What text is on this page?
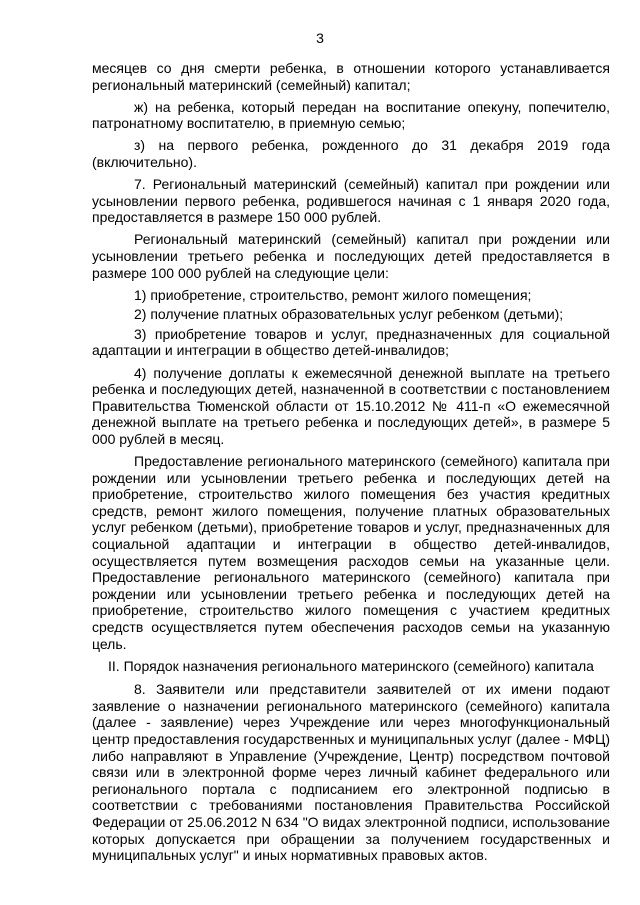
3

месяцев со дня смерти ребенка, в отношении которого устанавливается региональный материнский (семейный) капитал;

ж) на ребенка, который передан на воспитание опекуну, попечителю, патронатному воспитателю, в приемную семью;

з) на первого ребенка, рожденного до 31 декабря 2019 года (включительно).

7. Региональный материнский (семейный) капитал при рождении или усыновлении первого ребенка, родившегося начиная с 1 января 2020 года, предоставляется в размере 150 000 рублей.

Региональный материнский (семейный) капитал при рождении или усыновлении третьего ребенка и последующих детей предоставляется в размере 100 000 рублей на следующие цели:

1) приобретение, строительство, ремонт жилого помещения;

2) получение платных образовательных услуг ребенком (детьми);

3) приобретение товаров и услуг, предназначенных для социальной адаптации и интеграции в общество детей-инвалидов;

4) получение доплаты к ежемесячной денежной выплате на третьего ребенка и последующих детей, назначенной в соответствии с постановлением Правительства Тюменской области от 15.10.2012 № 411-п «О ежемесячной денежной выплате на третьего ребенка и последующих детей», в размере 5 000 рублей в месяц.

Предоставление регионального материнского (семейного) капитала при рождении или усыновлении третьего ребенка и последующих детей на приобретение, строительство жилого помещения без участия кредитных средств, ремонт жилого помещения, получение платных образовательных услуг ребенком (детьми), приобретение товаров и услуг, предназначенных для социальной адаптации и интеграции в общество детей-инвалидов, осуществляется путем возмещения расходов семьи на указанные цели. Предоставление регионального материнского (семейного) капитала при рождении или усыновлении третьего ребенка и последующих детей на приобретение, строительство жилого помещения с участием кредитных средств осуществляется путем обеспечения расходов семьи на указанную цель.

II. Порядок назначения регионального материнского (семейного) капитала

8. Заявители или представители заявителей от их имени подают заявление о назначении регионального материнского (семейного) капитала (далее - заявление) через Учреждение или через многофункциональный центр предоставления государственных и муниципальных услуг (далее - МФЦ) либо направляют в Управление (Учреждение, Центр) посредством почтовой связи или в электронной форме через личный кабинет федерального или регионального портала с подписанием его электронной подписью в соответствии с требованиями постановления Правительства Российской Федерации от 25.06.2012 N 634 "О видах электронной подписи, использование которых допускается при обращении за получением государственных и муниципальных услуг" и иных нормативных правовых актов.
